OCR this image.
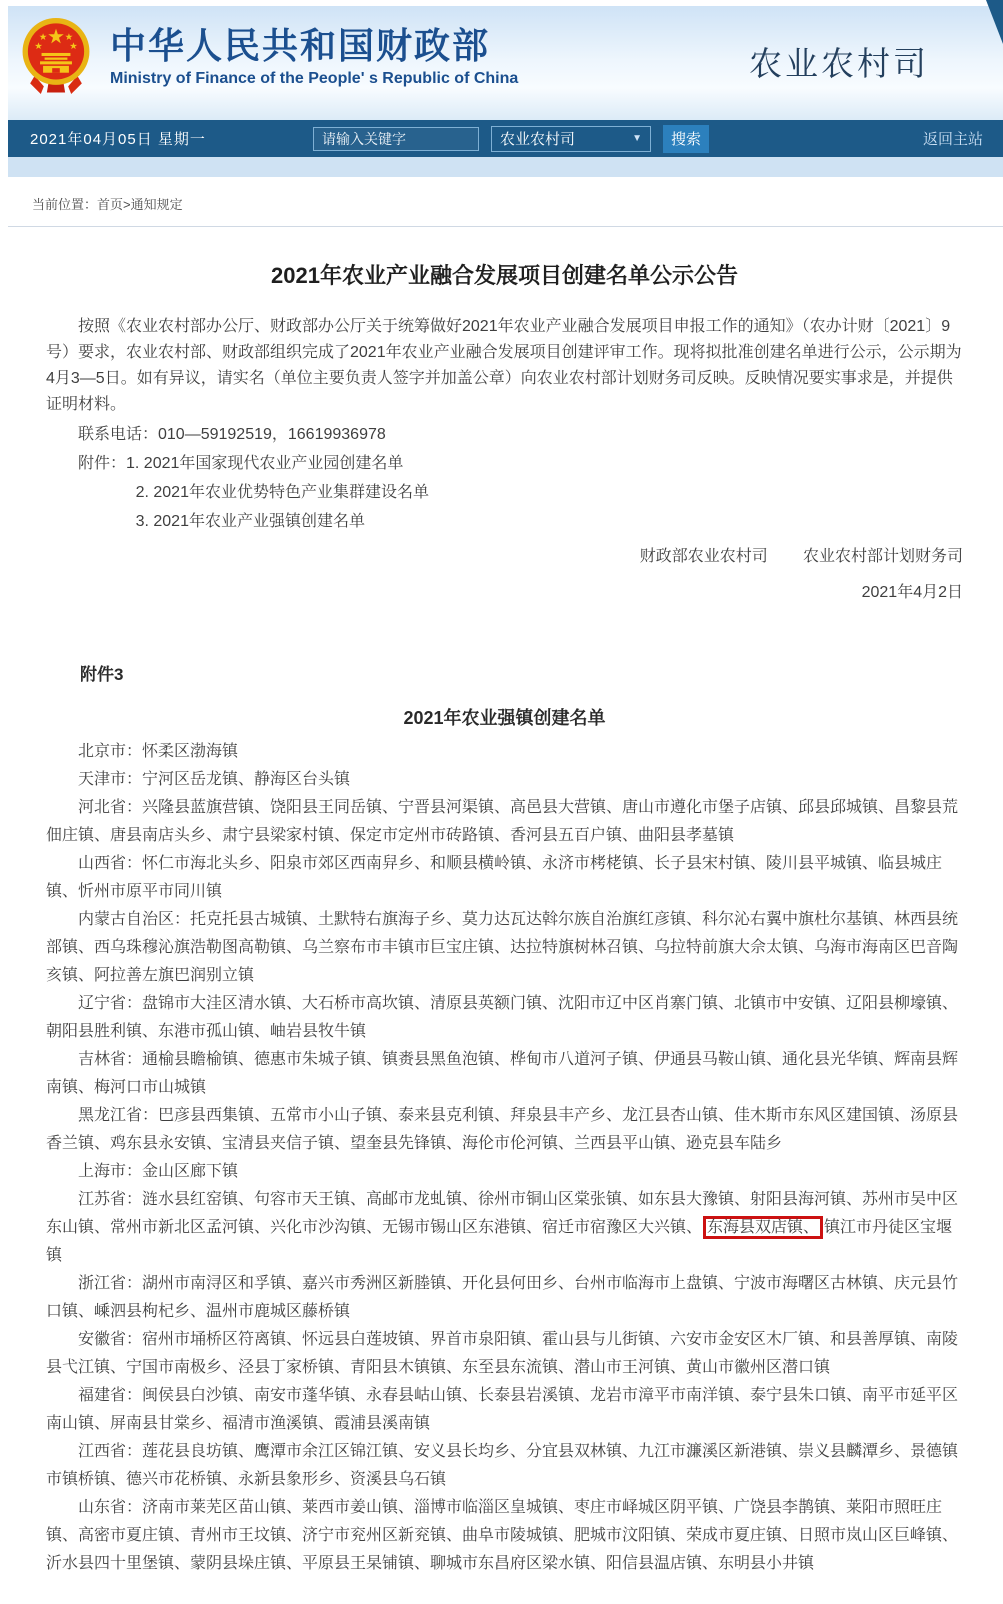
中华人民共和国财政部
Ministry of Finance of the People' s Republic of China	农业农村司
2021年04月05日 星期一
请输入关键字	农业农村司	▼	搜索	返回主站
当前位置：首页>通知规定
2021年农业产业融合发展项目创建名单公示公告

按照《农业农村部办公厅、财政部办公厅关于统筹做好2021年农业产业融合发展项目申报工作的通知》（农办计财〔2021〕9号）要求，农业农村部、财政部组织完成了2021年农业产业融合发展项目创建评审工作。现将拟批准创建名单进行公示，公示期为4月3—5日。如有异议，请实名（单位主要负责人签字并加盖公章）向农业农村部计划财务司反映。反映情况要实事求是，并提供证明材料。

联系电话：010—59192519，16619936978

附件：1. 2021年国家现代农业产业园创建名单

2. 2021年农业优势特色产业集群建设名单

3. 2021年农业产业强镇创建名单

财政部农业农村司 农业农村部计划财务司

2021年4月2日

附件3

2021年农业强镇创建名单

北京市：怀柔区渤海镇

天津市：宁河区岳龙镇、静海区台头镇

河北省：兴隆县蓝旗营镇、饶阳县王同岳镇、宁晋县河渠镇、高邑县大营镇、唐山市遵化市堡子店镇、邱县邱城镇、昌黎县荒佃庄镇、唐县南店头乡、肃宁县梁家村镇、保定市定州市砖路镇、香河县五百户镇、曲阳县孝墓镇

山西省：怀仁市海北头乡、阳泉市郊区西南舁乡、和顺县横岭镇、永济市栲栳镇、长子县宋村镇、陵川县平城镇、临县城庄镇、忻州市原平市同川镇

内蒙古自治区：托克托县古城镇、土默特右旗海子乡、莫力达瓦达斡尔族自治旗红彦镇、科尔沁右翼中旗杜尔基镇、林西县统部镇、西乌珠穆沁旗浩勒图高勒镇、乌兰察布市丰镇市巨宝庄镇、达拉特旗树林召镇、乌拉特前旗大佘太镇、乌海市海南区巴音陶亥镇、阿拉善左旗巴润别立镇

辽宁省：盘锦市大洼区清水镇、大石桥市高坎镇、清原县英额门镇、沈阳市辽中区肖寨门镇、北镇市中安镇、辽阳县柳壕镇、朝阳县胜利镇、东港市孤山镇、岫岩县牧牛镇

吉林省：通榆县瞻榆镇、德惠市朱城子镇、镇赉县黑鱼泡镇、桦甸市八道河子镇、伊通县马鞍山镇、通化县光华镇、辉南县辉南镇、梅河口市山城镇

黑龙江省：巴彦县西集镇、五常市小山子镇、泰来县克利镇、拜泉县丰产乡、龙江县杏山镇、佳木斯市东风区建国镇、汤原县香兰镇、鸡东县永安镇、宝清县夹信子镇、望奎县先锋镇、海伦市伦河镇、兰西县平山镇、逊克县车陆乡

上海市：金山区廊下镇

江苏省：涟水县红窑镇、句容市天王镇、高邮市龙虬镇、徐州市铜山区棠张镇、如东县大豫镇、射阳县海河镇、苏州市吴中区东山镇、常州市新北区孟河镇、兴化市沙沟镇、无锡市锡山区东港镇、宿迁市宿豫区大兴镇、 东海县双店镇、 镇江市丹徒区宝堰镇

浙江省：湖州市南浔区和孚镇、嘉兴市秀洲区新塍镇、开化县何田乡、台州市临海市上盘镇、宁波市海曙区古林镇、庆元县竹口镇、嵊泗县枸杞乡、温州市鹿城区藤桥镇

安徽省：宿州市埇桥区符离镇、怀远县白莲坡镇、界首市泉阳镇、霍山县与儿街镇、六安市金安区木厂镇、和县善厚镇、南陵县弋江镇、宁国市南极乡、泾县丁家桥镇、青阳县木镇镇、东至县东流镇、潜山市王河镇、黄山市徽州区潜口镇

福建省：闽侯县白沙镇、南安市蓬华镇、永春县岵山镇、长泰县岩溪镇、龙岩市漳平市南洋镇、泰宁县朱口镇、南平市延平区南山镇、屏南县甘棠乡、福清市渔溪镇、霞浦县溪南镇

江西省：莲花县良坊镇、鹰潭市余江区锦江镇、安义县长均乡、分宜县双林镇、九江市濂溪区新港镇、崇义县麟潭乡、景德镇市镇桥镇、德兴市花桥镇、永新县象形乡、资溪县乌石镇

山东省：济南市莱芜区苗山镇、莱西市姜山镇、淄博市临淄区皇城镇、枣庄市峄城区阴平镇、广饶县李鹊镇、莱阳市照旺庄镇、高密市夏庄镇、青州市王坟镇、济宁市兖州区新兖镇、曲阜市陵城镇、肥城市汶阳镇、荣成市夏庄镇、日照市岚山区巨峰镇、沂水县四十里堡镇、蒙阴县垛庄镇、平原县王杲铺镇、聊城市东昌府区梁水镇、阳信县温店镇、东明县小井镇
